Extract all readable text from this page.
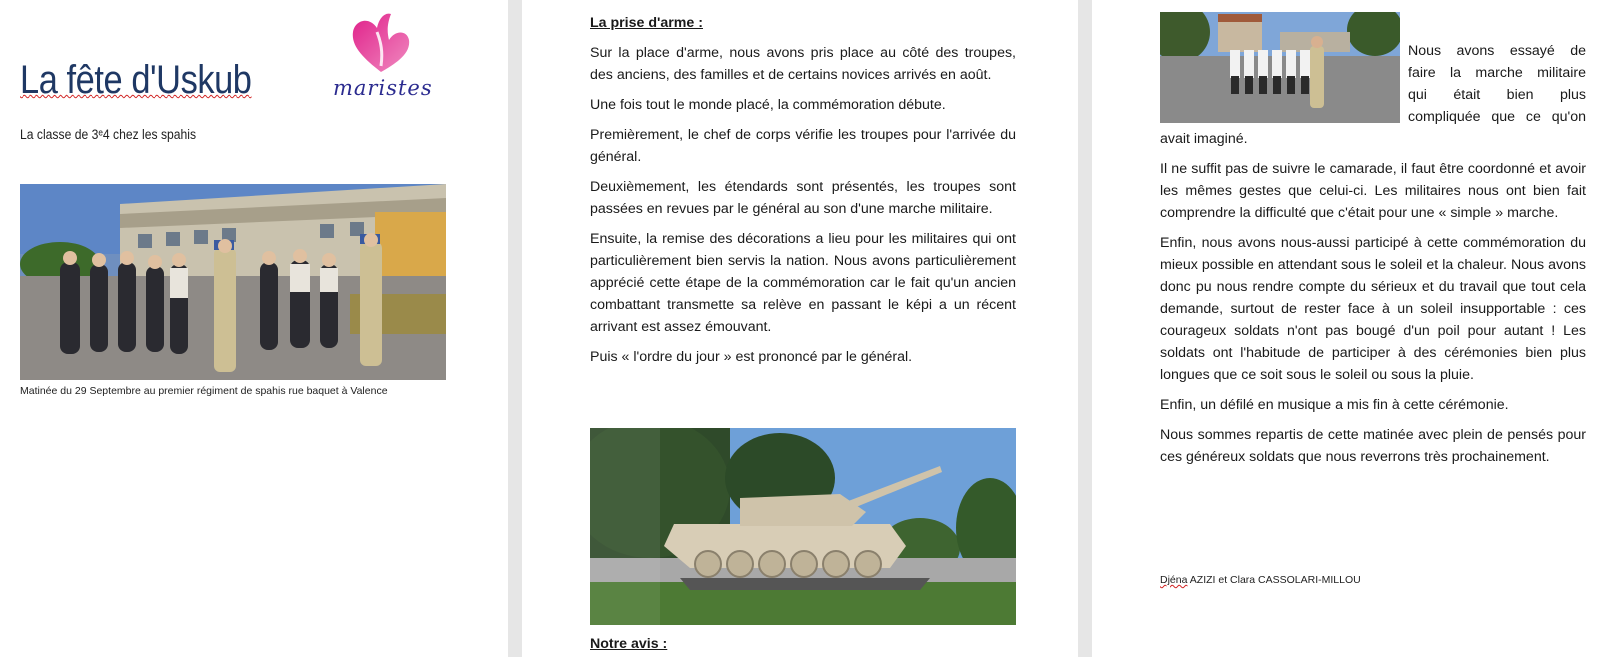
La fête d'Uskub
La classe de 3ᵉ4 chez les spahis
maristes
Matinée du 29 Septembre au premier régiment de spahis rue baquet à Valence

La prise d'arme :

Sur la place d'arme, nous avons pris place au côté des troupes, des anciens, des familles et de certains novices arrivés en août.

Une fois tout le monde placé, la commémoration débute.

Premièrement, le chef de corps vérifie les troupes pour l'arrivée du général.

Deuxièmement, les étendards sont présentés, les troupes sont passées en revues par le général au son d'une marche militaire.

Ensuite, la remise des décorations a lieu pour les militaires qui ont particulièrement bien servis la nation. Nous avons particulièrement apprécié cette étape de la commémoration car le fait qu'un ancien combattant transmette sa relève en passant le képi a un récent arrivant est assez émouvant.

Puis « l'ordre du jour » est prononcé par le général.

Notre avis :
Nous avons essayé de
faire la marche militaire
qui était bien plus
compliquée que ce qu'on
avait imaginé.

Il ne suffit pas de suivre le camarade, il faut être coordonné et avoir les mêmes gestes que celui-ci. Les militaires nous ont bien fait comprendre la difficulté que c'était pour une « simple » marche.

Enfin, nous avons nous-aussi participé à cette commémoration du mieux possible en attendant sous le soleil et la chaleur. Nous avons donc pu nous rendre compte du sérieux et du travail que tout cela demande, surtout de rester face à un soleil insupportable : ces courageux soldats n'ont pas bougé d'un poil pour autant ! Les soldats ont l'habitude de participer à des cérémonies bien plus longues que ce soit sous le soleil ou sous la pluie.

Enfin, un défilé en musique a mis fin à cette cérémonie.

Nous sommes repartis de cette matinée avec plein de pensés pour ces généreux soldats que nous reverrons très prochainement.

Djéna AZIZI et Clara CASSOLARI-MILLOU
